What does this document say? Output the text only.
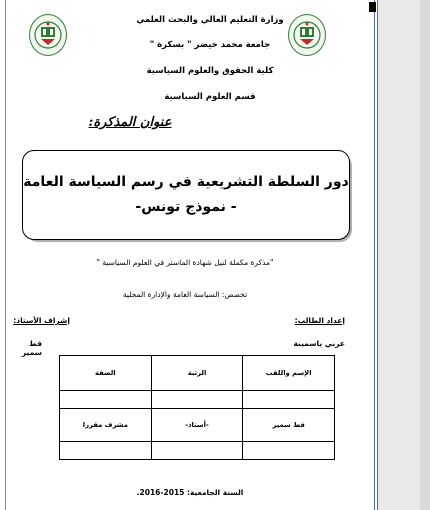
وزارة التعليم العالي والبحث العلمي
جامعة محمد خيضر " بسكرة "
كلية الحقوق والعلوم السياسية
قسم العلوم السياسية
عنوان المذكرة:
دور السلطة التشريعية في رسم السياسة العامة
- نموذج تونس-
"مذكرة مكملة لنيل شهادة الماستر في العلوم السياسية "
تخصص: السياسة العامة والإدارة المحلية
إعداد الطالب:
عربي ياسمينة
إشراف الأستاذ:
قط سمير
الإسم واللقب	الرتبة	الصفة

قط سمير	-أستاذ-	مشرف مقررا

السنة الجامعية: 2015-2016.
